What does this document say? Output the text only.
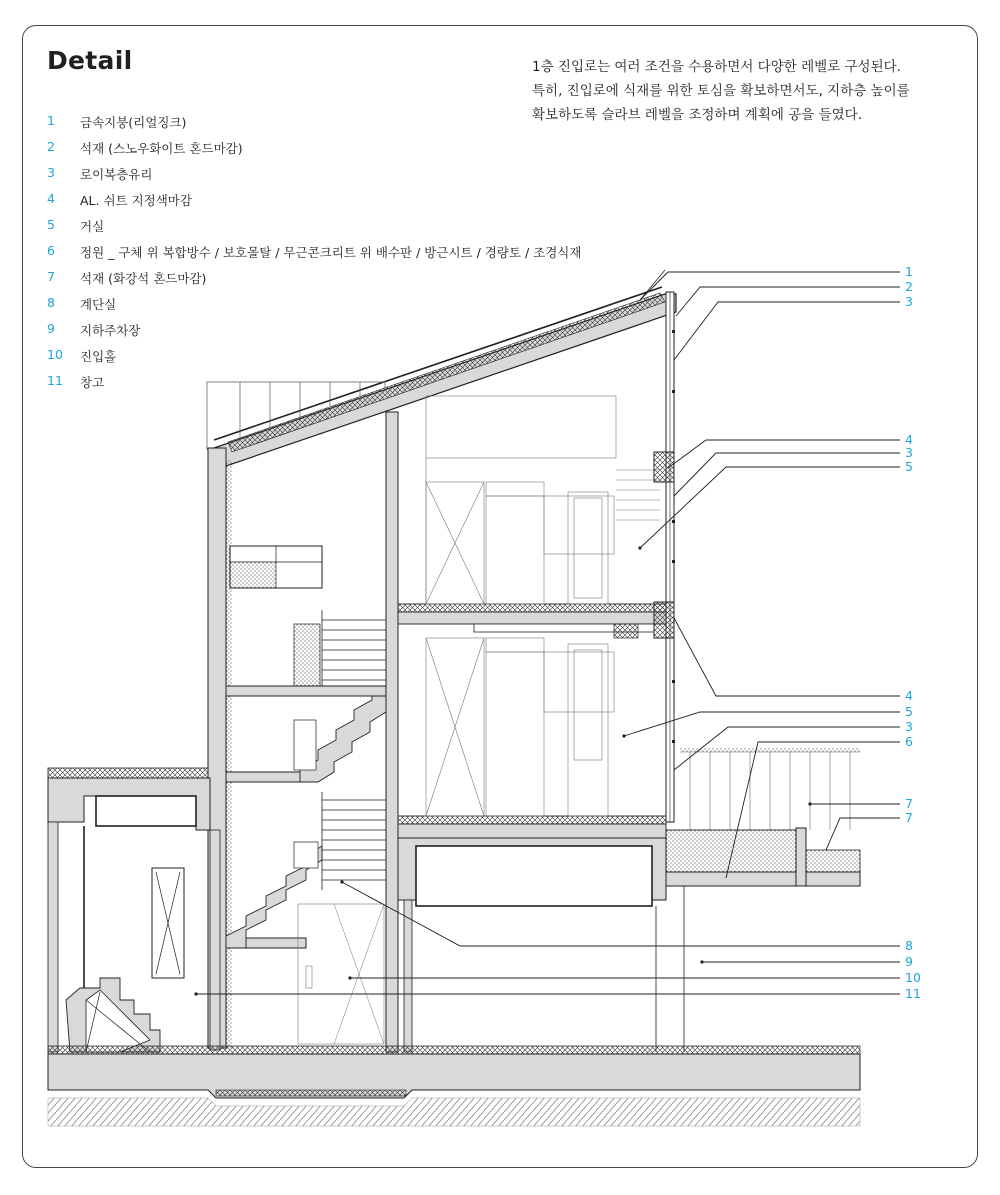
Detail	1층 진입로는 여러 조건을 수용하면서 다양한 레벨로 구성된다.
특히, 진입로에 식재를 위한 토심을 확보하면서도, 지하층 높이를
확보하도록 슬라브 레벨을 조정하며 계획에 공을 들였다.
1	금속지붕(리얼징크)
2	석재 (스노우화이트 혼드마감)
3	로이복층유리
4	AL. 쉬트 지정색마감
5	거실
6	정원 _ 구체 위 복합방수 / 보호몰탈 / 무근콘크리트 위 배수판 / 방근시트 / 경량토 / 조경식재
7	석재 (화강석 혼드마감)
8	계단실
9	지하주차장
10	진입홀
11	창고
1
2
3
4
3
5
4
5
3
6
7
7
8
9
10
11
